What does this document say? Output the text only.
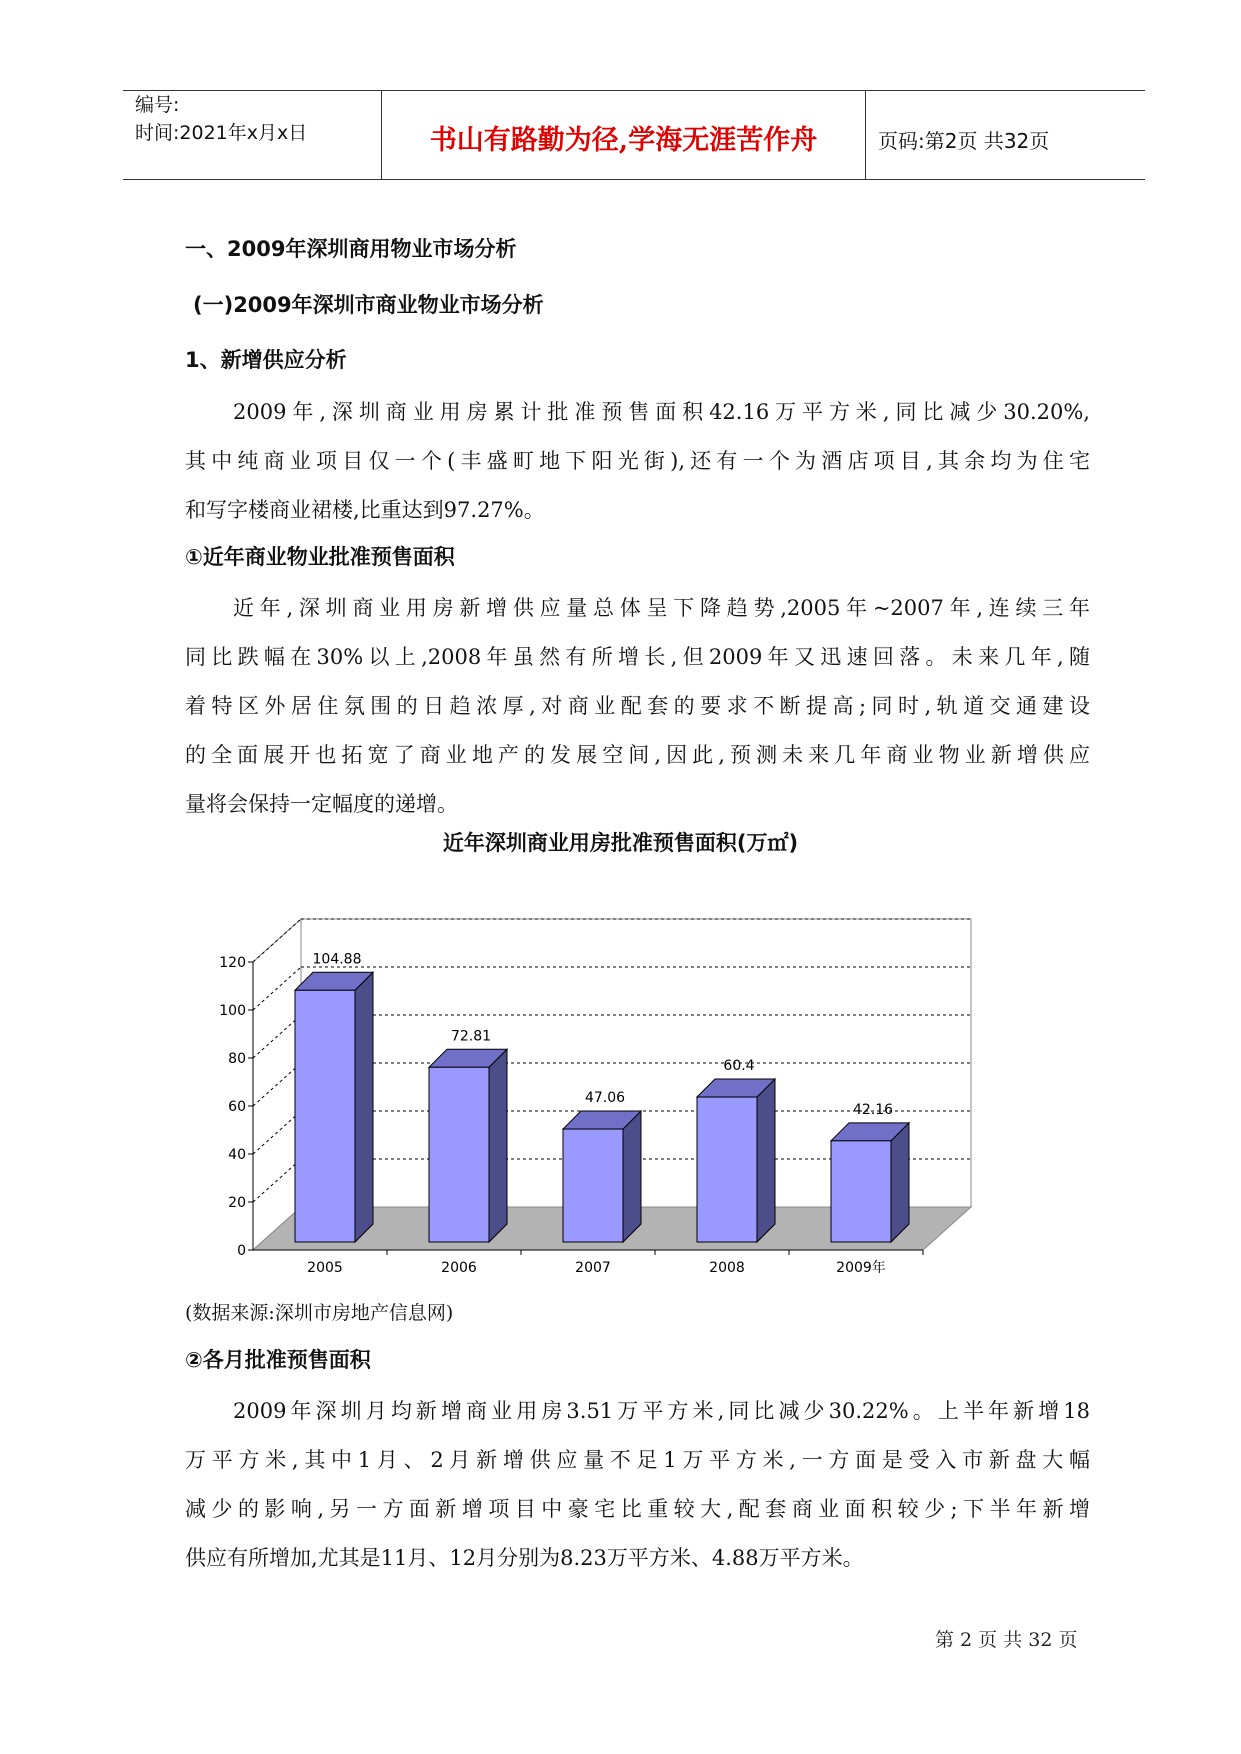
编号:
时间:2021年x月x日	书山有路勤为径,学海无涯苦作舟	页码:第2页 共32页
一、2009年深圳商用物业市场分析
(一)2009年深圳市商业物业市场分析
1、新增供应分析

2009年,深圳商业用房累计批准预售面积42.16万平方米,同比减少30.20%,

其中纯商业项目仅一个(丰盛町地下阳光街),还有一个为酒店项目,其余均为住宅

和写字楼商业裙楼,比重达到97.27%。

①近年商业物业批准预售面积

近年,深圳商业用房新增供应量总体呈下降趋势,2005年~2007年,连续三年

同比跌幅在30%以上,2008年虽然有所增长,但2009年又迅速回落。未来几年,随

着特区外居住氛围的日趋浓厚,对商业配套的要求不断提高;同时,轨道交通建设

的全面展开也拓宽了商业地产的发展空间,因此,预测未来几年商业物业新增供应

量将会保持一定幅度的递增。

近年深圳商业用房批准预售面积(万㎡)
0
20
40
60
80
100
120	104.88
2005
72.81
2006
47.06
2007
60.4
2008
42.16
2009年
(数据来源:深圳市房地产信息网)
②各月批准预售面积

2009年深圳月均新增商业用房3.51万平方米,同比减少30.22%。上半年新增18

万平方米,其中1月、2月新增供应量不足1万平方米,一方面是受入市新盘大幅

减少的影响,另一方面新增项目中豪宅比重较大,配套商业面积较少;下半年新增

供应有所增加,尤其是11月、12月分别为8.23万平方米、4.88万平方米。

第 2 页 共 32 页
